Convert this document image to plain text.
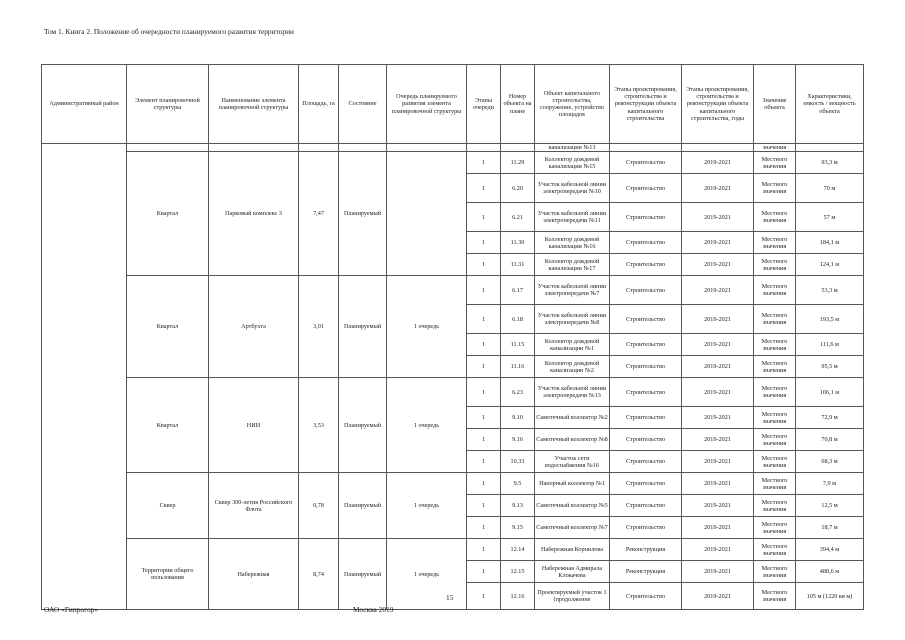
Том 1. Книга 2. Положение об очередности планируемого развития территории
Административный район	Элемент планировочной структуры	Наименование элемента планировочной структуры	Площадь, га	Состояние	Очередь планируемого развития элемента планировочной структуры	Этапы очереди	Номер объекта на плане	Объект капитального строительства, сооружение, устройство площадок	Этапы проектирования, строительства и реконструкции объекта капитального строительства	Этапы проектирования, строительства и реконструкции объекта капитального строительства, годы	Значение объекта	Характеристики, емкость / мощность объекта
								канализации №13			значения	
	Квартал	Парковый комплекс 3	7,47	Планируемый		1	11.29	Коллектор дождевой канализации №15	Строительство	2019-2021	Местного значения	93,3 м
						1	6.20	Участок кабельной линии электропередачи №10	Строительство	2019-2021	Местного значения	70 м
						1	6.21	Участок кабельной линии электропередачи №11	Строительство	2019-2021	Местного значения	57 м
						1	11.30	Коллектор дождевой канализации №16	Строительство	2019-2021	Местного значения	184,1 м
						1	11.31	Коллектор дождевой канализации №17	Строительство	2019-2021	Местного значения	124,1 м
	Квартал	Артбухта	3,01	Планируемый	1 очередь	1	6.17	Участок кабельной линии электропередачи №7	Строительство	2019-2021	Местного значения	53,3 м
						1	6.18	Участок кабельной линии электропередачи №8	Строительство	2019-2021	Местного значения	193,5 м
						1	11.15	Коллектор дождевой канализации №1	Строительство	2019-2021	Местного значения	111,6 м
						1	11.16	Коллектор дождевой канализации №2	Строительство	2019-2021	Местного значения	95,5 м
	Квартал	НИИ	3,53	Планируемый	1 очередь	1	6.23	Участок кабельной линии электропередачи №13	Строительство	2019-2021	Местного значения	106,1 м
						1	9.10	Самотечный коллектор №2	Строительство	2019-2021	Местного значения	72,9 м
						1	9.16	Самотечный коллектор №8	Строительство	2019-2021	Местного значения	70,8 м
						1	10.33	Участок сети водоснабжения №16	Строительство	2019-2021	Местного значения	68,3 м
	Сквер	Сквер 300-летия Российского Флота	0,78	Планируемый	1 очередь	1	9.5	Напорный коллектор №1	Строительство	2019-2021	Местного значения	7,9 м
						1	9.13	Самотечный коллектор №5	Строительство	2019-2021	Местного значения	12,5 м
						1	9.15	Самотечный коллектор №7	Строительство	2019-2021	Местного значения	18,7 м
	Территории общего пользования	Набережная	8,74	Планируемый	1 очередь	1	12.14	Набережная Корнилова	Реконструкция	2019-2021	Местного значения	394,4 м
						1	12.15	Набережная Адмирала Клокачева	Реконструкция	2019-2021	Местного значения	488,6 м
						1	12.16	Проектируемый участок 1 (продолжение	Строительство	2019-2021	Местного значения	105 м (1220 кв м)
15
ОАО «Гипрогор»	Москва 2019
